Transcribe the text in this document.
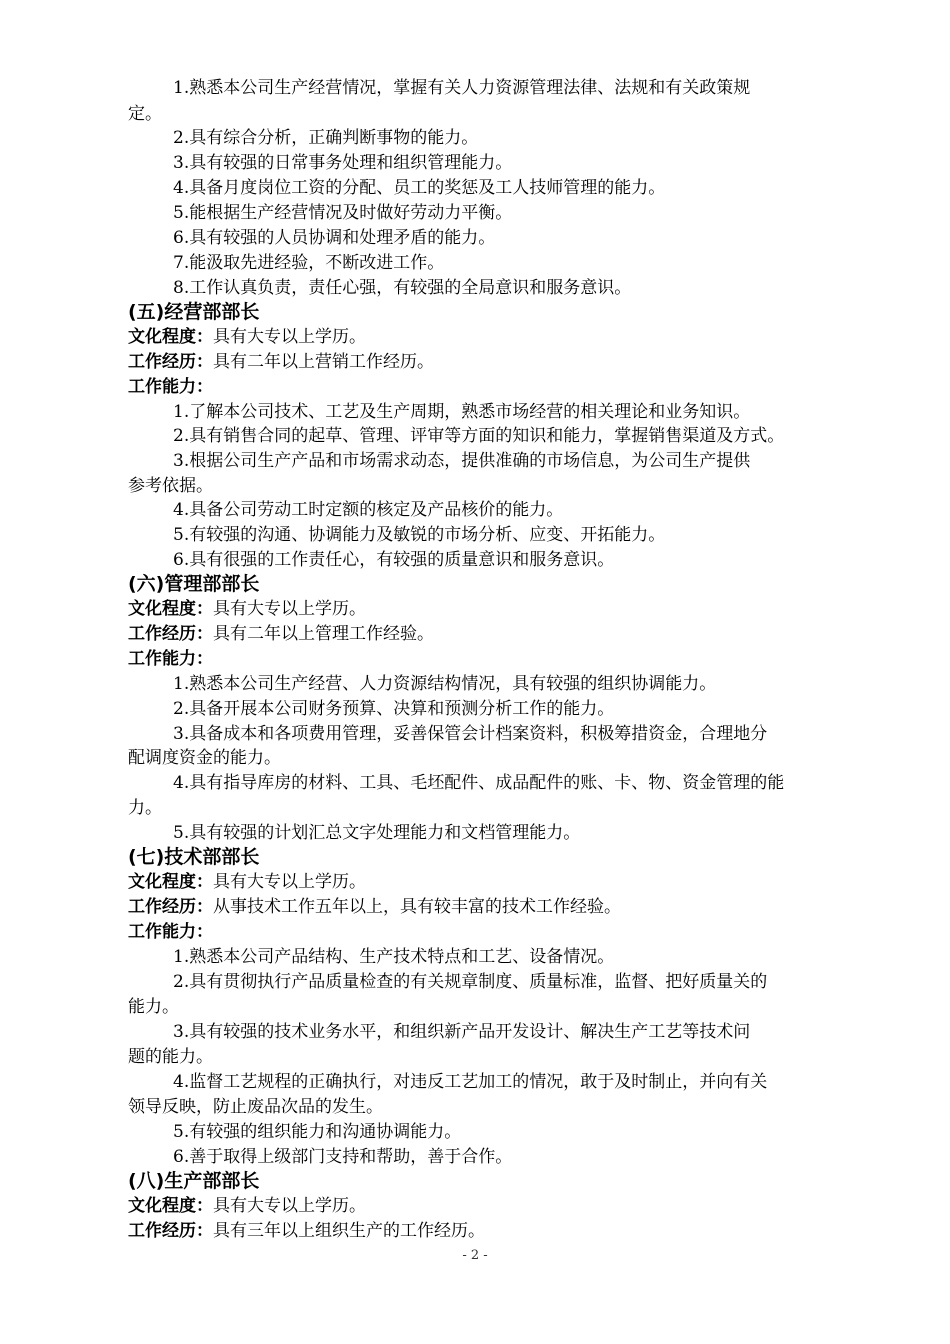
1.熟悉本公司生产经营情况，掌握有关人力资源管理法律、法规和有关政策规
定。
2.具有综合分析，正确判断事物的能力。
3.具有较强的日常事务处理和组织管理能力。
4.具备月度岗位工资的分配、员工的奖惩及工人技师管理的能力。
5.能根据生产经营情况及时做好劳动力平衡。
6.具有较强的人员协调和处理矛盾的能力。
7.能汲取先进经验，不断改进工作。
8.工作认真负责，责任心强，有较强的全局意识和服务意识。
(五)经营部部长
文化程度：具有大专以上学历。
工作经历：具有二年以上营销工作经历。
工作能力：
1.了解本公司技术、工艺及生产周期，熟悉市场经营的相关理论和业务知识。
2.具有销售合同的起草、管理、评审等方面的知识和能力，掌握销售渠道及方式。
3.根据公司生产产品和市场需求动态，提供准确的市场信息，为公司生产提供
参考依据。
4.具备公司劳动工时定额的核定及产品核价的能力。
5.有较强的沟通、协调能力及敏锐的市场分析、应变、开拓能力。
6.具有很强的工作责任心，有较强的质量意识和服务意识。
(六)管理部部长
文化程度：具有大专以上学历。
工作经历：具有二年以上管理工作经验。
工作能力：
1.熟悉本公司生产经营、人力资源结构情况，具有较强的组织协调能力。
2.具备开展本公司财务预算、决算和预测分析工作的能力。
3.具备成本和各项费用管理，妥善保管会计档案资料，积极筹措资金，合理地分
配调度资金的能力。
4.具有指导库房的材料、工具、毛坯配件、成品配件的账、卡、物、资金管理的能
力。
5.具有较强的计划汇总文字处理能力和文档管理能力。
(七)技术部部长
文化程度：具有大专以上学历。
工作经历：从事技术工作五年以上，具有较丰富的技术工作经验。
工作能力：
1.熟悉本公司产品结构、生产技术特点和工艺、设备情况。
2.具有贯彻执行产品质量检查的有关规章制度、质量标准，监督、把好质量关的
能力。
3.具有较强的技术业务水平，和组织新产品开发设计、解决生产工艺等技术问
题的能力。
4.监督工艺规程的正确执行，对违反工艺加工的情况，敢于及时制止，并向有关
领导反映，防止废品次品的发生。
5.有较强的组织能力和沟通协调能力。
6.善于取得上级部门支持和帮助，善于合作。
(八)生产部部长
文化程度：具有大专以上学历。
工作经历：具有三年以上组织生产的工作经历。
- 2 -
